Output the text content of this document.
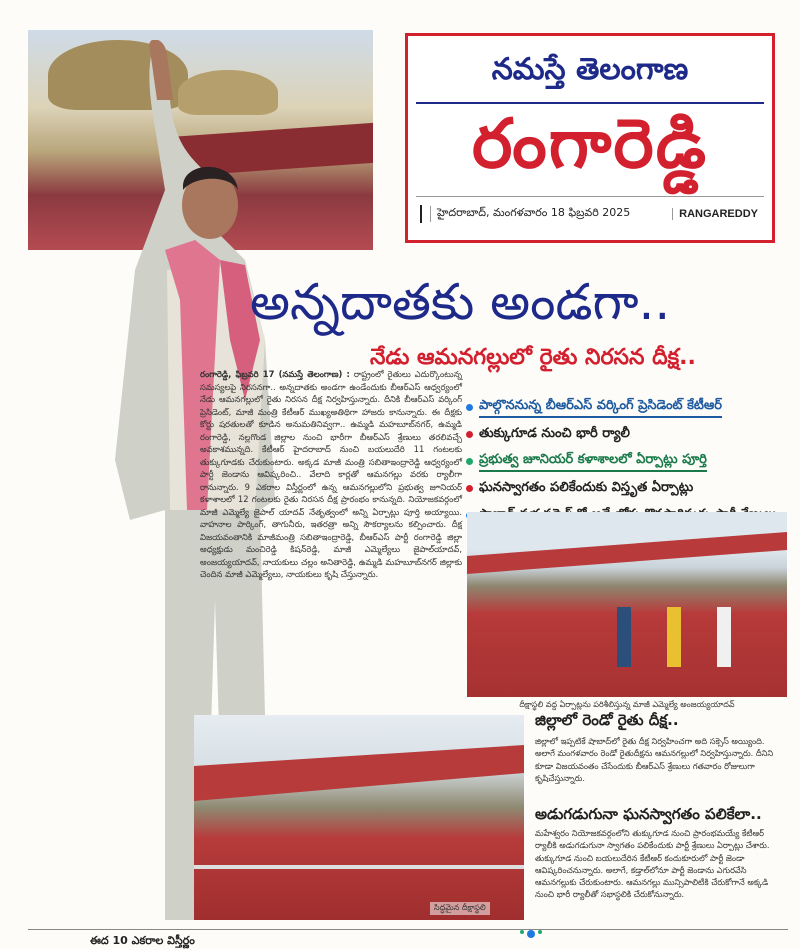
నమస్తే తెలంగాణ
రంగారెడ్డి
హైదరాబాద్, మంగళవారం 18 ఫిబ్రవరి 2025	RANGAREDDY
అన్నదాతకు అండగా..
నేడు ఆమనగల్లులో రైతు నిరసన దీక్ష..
పాల్గొననున్న బీఆర్ఎస్ వర్కింగ్ ప్రెసిడెంట్ కేటీఆర్
తుక్కుగూడ నుంచి భారీ ర్యాలీ
ప్రభుత్వ జూనియర్ కళాశాలలో ఏర్పాట్లు పూర్తి
ఘనస్వాగతం పలికేందుకు విస్తృత ఏర్పాట్లు
రంగారెడ్డి, ఫిబ్రవరి 17 (నమస్తే తెలంగాణ) : రాష్ట్రంలో రైతులు ఎదుర్కొంటున్న సమస్యలపై నిరసనగా.. అన్నదాతకు అండగా ఉండేందుకు బీఆర్ఎస్ ఆధ్వర్యంలో నేడు ఆమనగల్లులో రైతు నిరసన దీక్ష నిర్వహిస్తున్నారు. దీనికి బీఆర్ఎస్ వర్కింగ్ ప్రెసిడెంట్, మాజీ మంత్రి కేటీఆర్ ముఖ్యఅతిథిగా హాజరు కానున్నారు. ఈ దీక్షకు కోర్టు షరతులతో కూడిన అనుమతినివ్వగా.. ఉమ్మడి మహబూబ్‌నగర్, ఉమ్మడి రంగారెడ్డి, నల్లగొండ జిల్లాల నుంచి భారీగా బీఆర్ఎస్ శ్రేణులు తరలివచ్చే అవకాశమున్నది. కేటీఆర్ హైదరాబాద్ నుంచి బయలుదేరి 11 గంటలకు తుక్కుగూడకు చేరుకుంటారు. అక్కడ మాజీ మంత్రి సబితాఇంద్రారెడ్డి ఆధ్వర్యంలో పార్టీ జెండాను ఆవిష్కరించి.. వేలాది కార్లతో ఆమనగల్లు వరకు ర్యాలీగా రానున్నారు. 9 ఎకరాల విస్తీర్ణంలో ఉన్న ఆమనగల్లులోని ప్రభుత్వ జూనియర్ కళాశాలలో 12 గంటలకు రైతు నిరసన దీక్ష ప్రారంభం కానున్నది. నియోజకవర్గంలో మాజీ ఎమ్మెల్యే జైపాల్ యాదవ్ నేతృత్వంలో అన్ని ఏర్పాట్లు పూర్తి అయ్యాయి. వాహనాల పార్కింగ్, తాగునీరు, ఇతరత్రా అన్ని సౌకర్యాలను కల్పించారు. దీక్ష విజయవంతానికి మాజీమంత్రి సబితాఇంద్రారెడ్డి, బీఆర్ఎస్ పార్టీ రంగారెడ్డి జిల్లా అధ్యక్షుడు మంచిరెడ్డి కిషన్‌రెడ్డి, మాజీ ఎమ్మెల్యేలు జైపాల్‌యాదవ్, అంజయ్యయాదవ్, నాయకులు చల్లం అనితారెడ్డి, ఉమ్మడి మహబూబ్‌నగర్ జిల్లాకు చెందిన మాజీ ఎమ్మెల్యేలు, నాయకులు కృషి చేస్తున్నారు.
దీక్షాస్థలి వద్ద ఏర్పాట్లను పరిశీలిస్తున్న మాజీ ఎమ్మెల్యే అంజయ్యయాదవ్
సిద్ధమైన దీక్షాస్థలి
జిల్లాలో రెండో రైతు దీక్ష..
జిల్లాలో ఇప్పటికే షాబాద్‌లో రైతు దీక్ష నిర్వహించగా అది సక్సెస్ అయ్యింది. అలాగే మంగళవారం రెండో రైతుదీక్షను ఆమనగల్లులో నిర్వహిస్తున్నారు. దీనిని కూడా విజయవంతం చేసేందుకు బీఆర్ఎస్ శ్రేణులు గతవారం రోజులుగా కృషిచేస్తున్నారు.
అడుగడుగునా ఘనస్వాగతం పలికేలా..
మహేశ్వరం నియోజకవర్గంలోని తుక్కుగూడ నుంచి ప్రారంభమయ్యే కేటీఆర్ ర్యాలీకి అడుగడుగునా స్వాగతం పలికేందుకు పార్టీ శ్రేణులు ఏర్పాట్లు చేశారు. తుక్కుగూడ నుంచి బయలుదేరిన కేటీఆర్ కందుకూరులో పార్టీ జెండా ఆవిష్కరించనున్నారు. అలాగే, కడ్తాల్‌లోనూ పార్టీ జెండాను ఎగురవేసి ఆమనగల్లుకు చేరుకుంటారు. ఆమనగల్లు మున్సిపాలిటీకి చేరుకోగానే అక్కడి నుంచి భారీ ర్యాలీతో సభాస్థలికి చేరుకోనున్నారు.
ఈద 10 ఎకరాల విస్తీర్ణం
